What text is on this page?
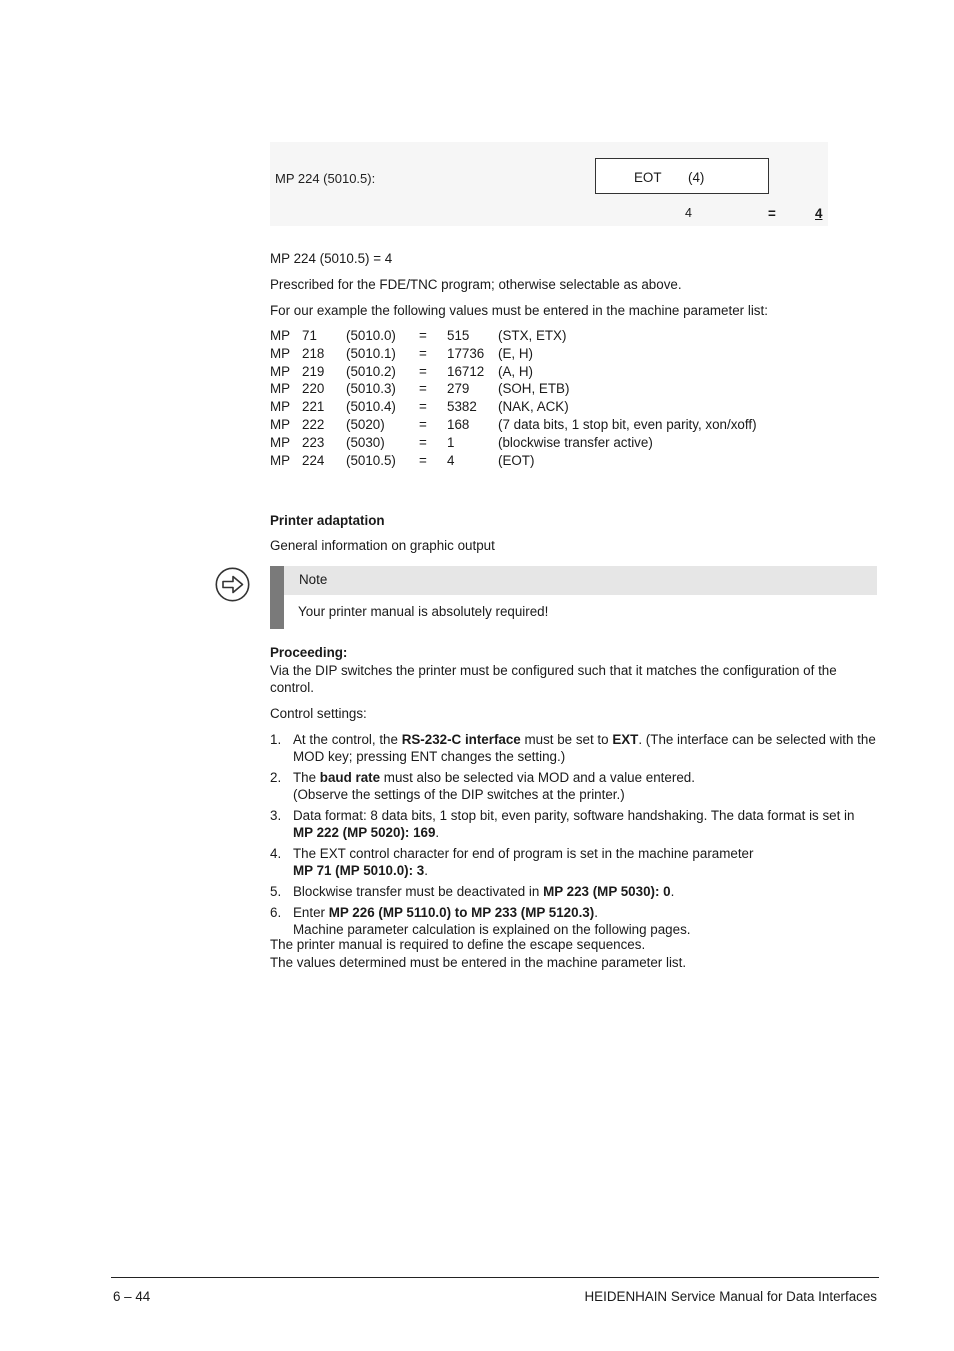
MP 224 (5010.5):	EOT (4)
4	=	4
MP 224 (5010.5) = 4
Prescribed for the FDE/TNC program; otherwise selectable as above.
For our example the following values must be entered in the machine parameter list:
MP	71	(5010.0)	=	515	(STX, ETX)
MP	218	(5010.1)	=	17736	(E, H)
MP	219	(5010.2)	=	16712	(A, H)
MP	220	(5010.3)	=	279	(SOH, ETB)
MP	221	(5010.4)	=	5382	(NAK, ACK)
MP	222	(5020)	=	168	(7 data bits, 1 stop bit, even parity, xon/xoff)
MP	223	(5030)	=	1	(blockwise transfer active)
MP	224	(5010.5)	=	4	(EOT)
Printer adaptation
General information on graphic output
Note
Your printer manual is absolutely required!
Proceeding:
Via the DIP switches the printer must be configured such that it matches the configuration of the control.
Control settings:
1. At the control, the RS-232-C interface must be set to EXT. (The interface can be selected with the MOD key; pressing ENT changes the setting.)
2. The baud rate must also be selected via MOD and a value entered.
(Observe the settings of the DIP switches at the printer.)
3. Data format: 8 data bits, 1 stop bit, even parity, software handshaking. The data format is set in MP 222 (MP 5020): 169.
4. The EXT control character for end of program is set in the machine parameter
MP 71 (MP 5010.0): 3.
5. Blockwise transfer must be deactivated in MP 223 (MP 5030): 0.
6. Enter MP 226 (MP 5110.0) to MP 233 (MP 5120.3).
Machine parameter calculation is explained on the following pages.
The printer manual is required to define the escape sequences.
The values determined must be entered in the machine parameter list.
6 – 44	HEIDENHAIN Service Manual for Data Interfaces
